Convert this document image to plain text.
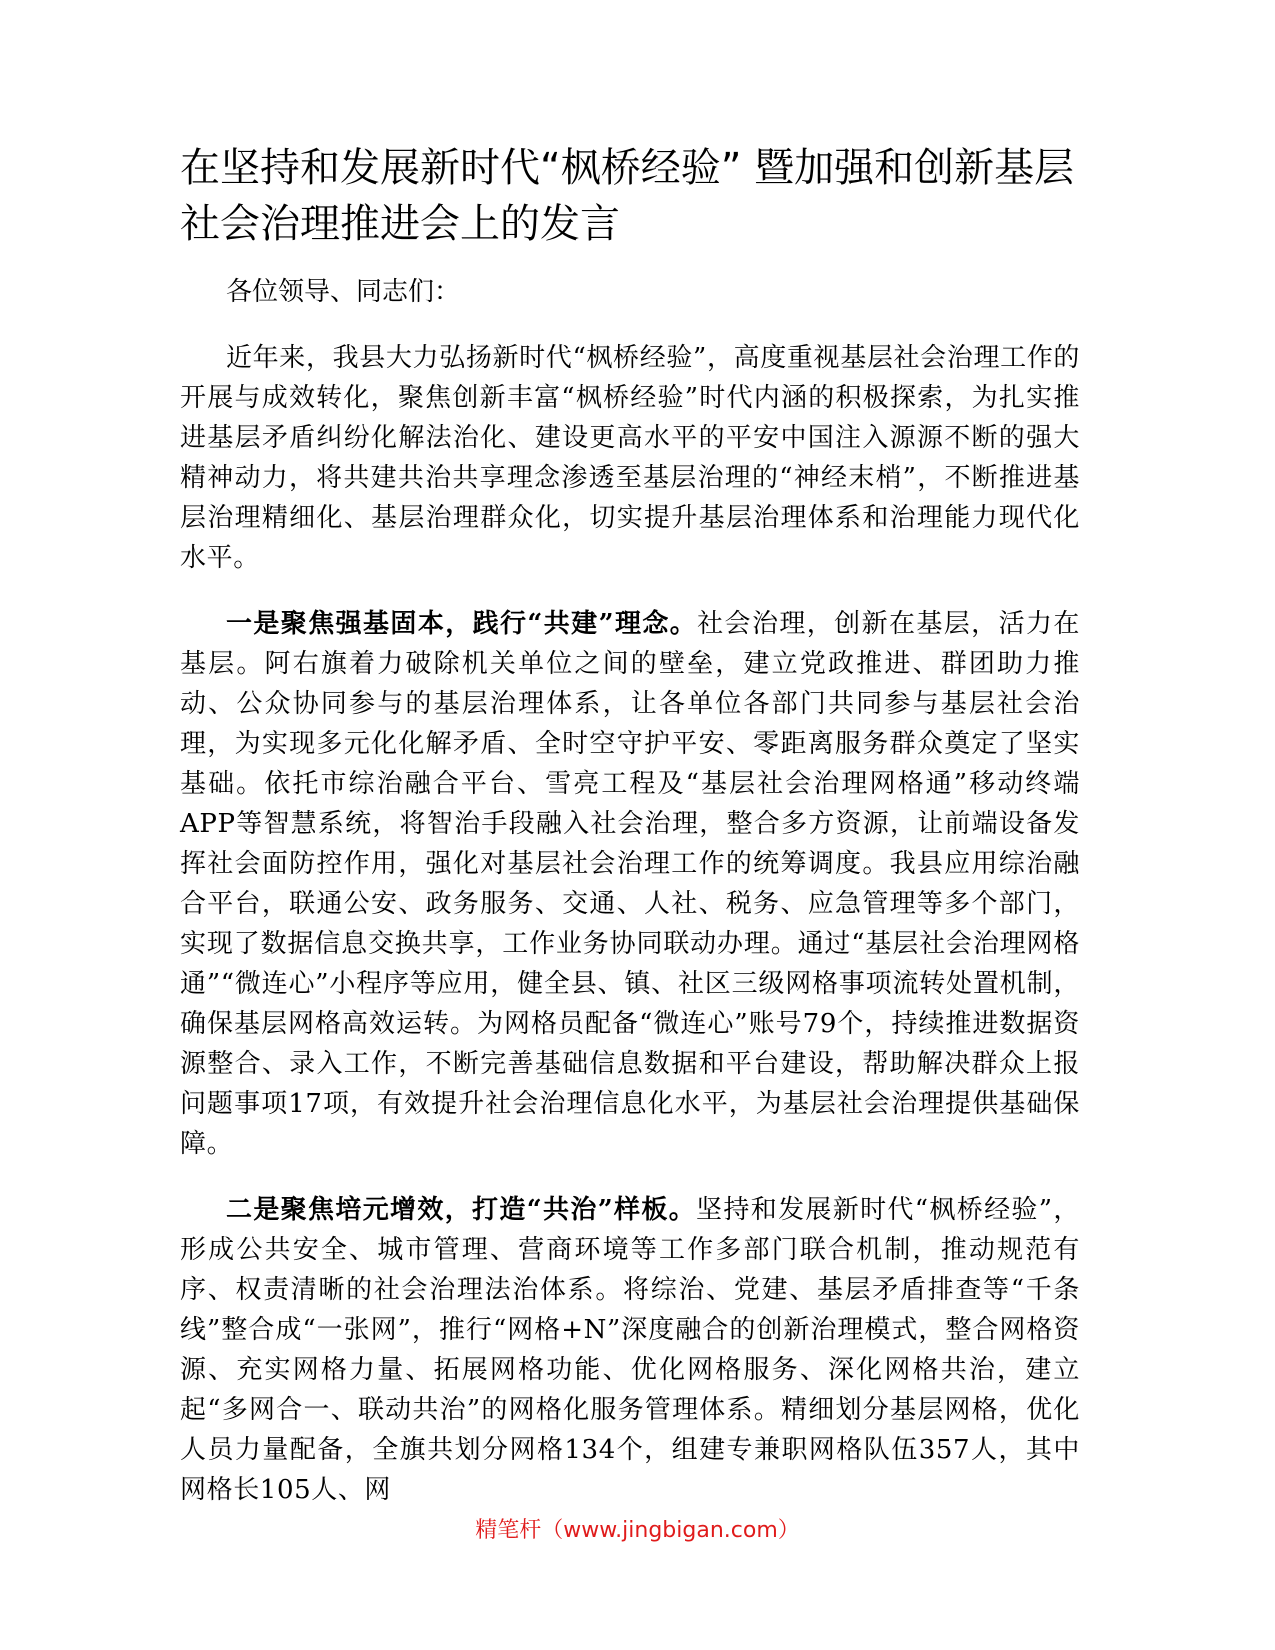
在坚持和发展新时代“枫桥经验” 暨加强和创新基层社会治理推进会上的发言

各位领导、同志们：

近年来，我县大力弘扬新时代“枫桥经验”，高度重视基层社会治理工作的开展与成效转化，聚焦创新丰富“枫桥经验”时代内涵的积极探索，为扎实推进基层矛盾纠纷化解法治化、建设更高水平的平安中国注入源源不断的强大精神动力，将共建共治共享理念渗透至基层治理的“神经末梢”，不断推进基层治理精细化、基层治理群众化，切实提升基层治理体系和治理能力现代化水平。

一是聚焦强基固本，践行“共建”理念。社会治理，创新在基层，活力在基层。阿右旗着力破除机关单位之间的壁垒，建立党政推进、群团助力推动、公众协同参与的基层治理体系，让各单位各部门共同参与基层社会治理，为实现多元化化解矛盾、全时空守护平安、零距离服务群众奠定了坚实基础。依托市综治融合平台、雪亮工程及“基层社会治理网格通”移动终端APP等智慧系统，将智治手段融入社会治理，整合多方资源，让前端设备发挥社会面防控作用，强化对基层社会治理工作的统筹调度。我县应用综治融合平台，联通公安、政务服务、交通、人社、税务、应急管理等多个部门，实现了数据信息交换共享，工作业务协同联动办理。通过“基层社会治理网格通”“微连心”小程序等应用，健全县、镇、社区三级网格事项流转处置机制，确保基层网格高效运转。为网格员配备“微连心”账号79个，持续推进数据资源整合、录入工作，不断完善基础信息数据和平台建设，帮助解决群众上报问题事项17项，有效提升社会治理信息化水平，为基层社会治理提供基础保障。

二是聚焦培元增效，打造“共治”样板。坚持和发展新时代“枫桥经验”，形成公共安全、城市管理、营商环境等工作多部门联合机制，推动规范有序、权责清晰的社会治理法治体系。将综治、党建、基层矛盾排查等“千条线”整合成“一张网”，推行“网格+N”深度融合的创新治理模式，整合网格资源、充实网格力量、拓展网格功能、优化网格服务、深化网格共治，建立起“多网合一、联动共治”的网格化服务管理体系。精细划分基层网格，优化人员力量配备，全旗共划分网格134个，组建专兼职网格队伍357人，其中网格长105人、网

精笔杆（www.jingbigan.com）
